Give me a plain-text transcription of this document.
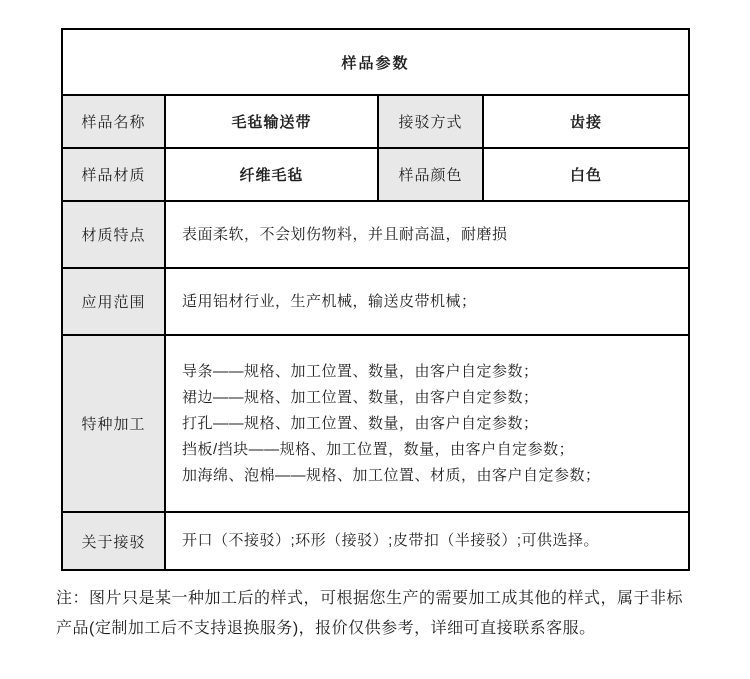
样品参数			
样品名称	毛毡输送带	接驳方式	齿接
样品材质	纤维毛毡	样品颜色	白色
材质特点	表面柔软，不会划伤物料，并且耐高温，耐磨损		
应用范围	适用铝材行业，生产机械，输送皮带机械；		
特种加工	导条——规格、加工位置、数量，由客户自定参数；
裙边——规格、加工位置、数量，由客户自定参数；
打孔——规格、加工位置、数量，由客户自定参数；
挡板/挡块——规格、加工位置，数量，由客户自定参数；
加海绵、泡棉——规格、加工位置、材质，由客户自定参数；		

关于接驳	开口（不接驳）;环形（接驳）;皮带扣（半接驳）;可供选择。		
注：图片只是某一种加工后的样式，可根据您生产的需要加工成其他的样式，属于非标
产品(定制加工后不支持退换服务)，报价仅供参考，详细可直接联系客服。
